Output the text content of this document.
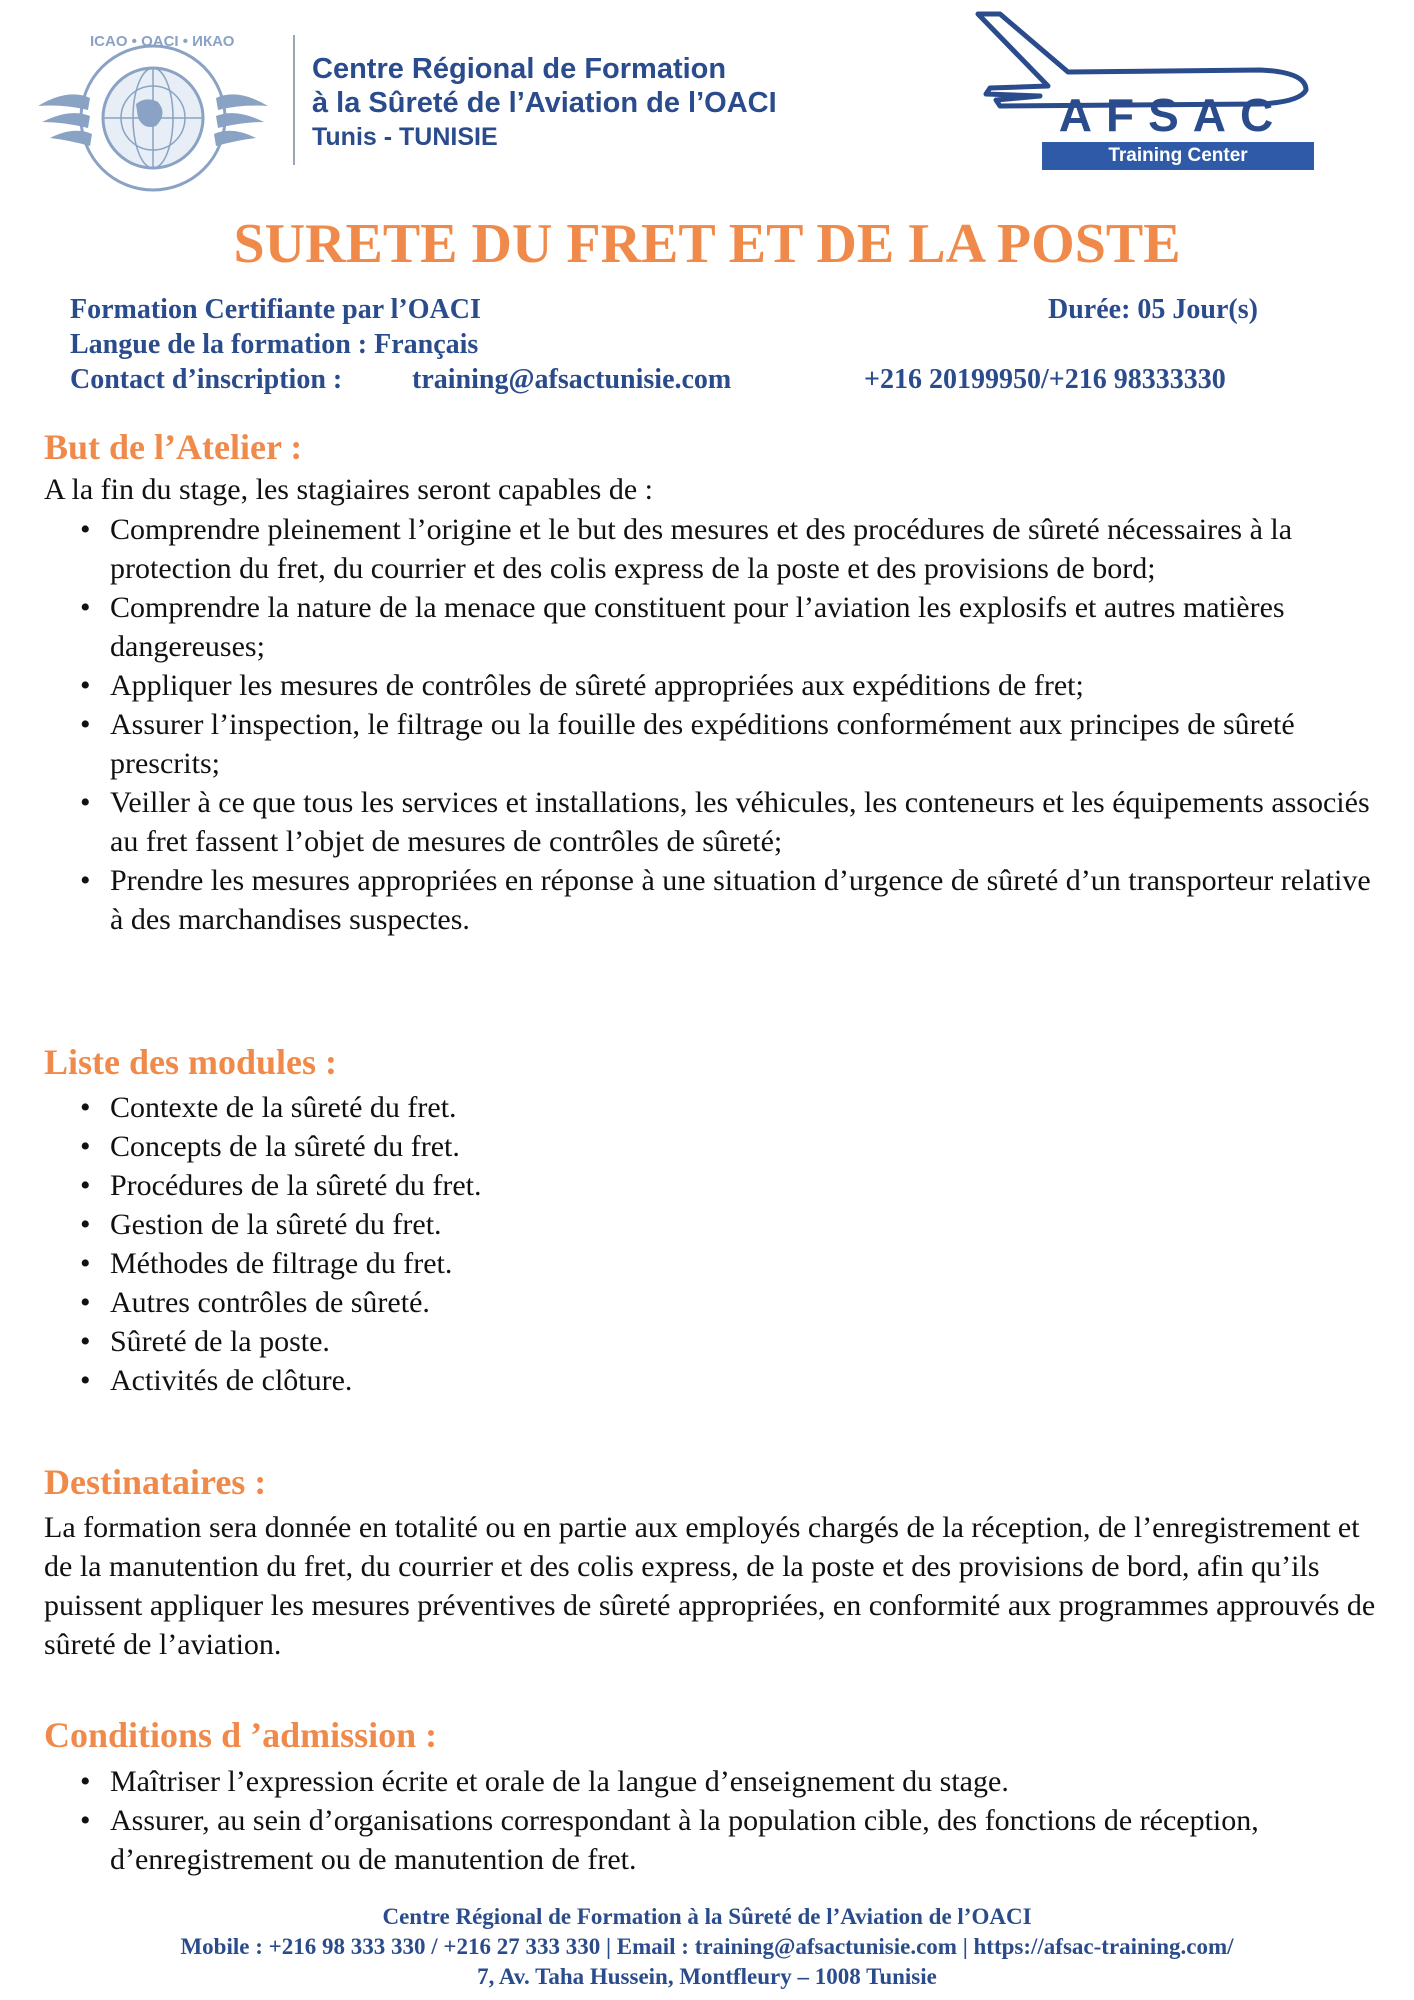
ICAO • OACI • ИКАО
Centre Régional de Formation
à la Sûreté de l’Aviation de l’OACI
Tunis - TUNISIE	AFSAC
Training Center
SURETE DU FRET ET DE LA POSTE
Formation Certifiante par l’OACI	Durée: 05 Jour(s)
Langue de la formation : Français
Contact d’inscription : training@afsactunisie.com	+216 20199950/+216 98333330
But de l’Atelier :
A la fin du stage, les stagiaires seront capables de :
• Comprendre pleinement l’origine et le but des mesures et des procédures de sûreté nécessaires à la protection du fret, du courrier et des colis express de la poste et des provisions de bord;
• Comprendre la nature de la menace que constituent pour l’aviation les explosifs et autres matières dangereuses;
• Appliquer les mesures de contrôles de sûreté appropriées aux expéditions de fret;
• Assurer l’inspection, le filtrage ou la fouille des expéditions conformément aux principes de sûreté prescrits;
• Veiller à ce que tous les services et installations, les véhicules, les conteneurs et les équipements associés au fret fassent l’objet de mesures de contrôles de sûreté;
• Prendre les mesures appropriées en réponse à une situation d’urgence de sûreté d’un transporteur relative à des marchandises suspectes.
Liste des modules :
• Contexte de la sûreté du fret.
• Concepts de la sûreté du fret.
• Procédures de la sûreté du fret.
• Gestion de la sûreté du fret.
• Méthodes de filtrage du fret.
• Autres contrôles de sûreté.
• Sûreté de la poste.
• Activités de clôture.
Destinataires :
La formation sera donnée en totalité ou en partie aux employés chargés de la réception, de l’enregistrement et de la manutention du fret, du courrier et des colis express, de la poste et des provisions de bord, afin qu’ils puissent appliquer les mesures préventives de sûreté appropriées, en conformité aux programmes approuvés de sûreté de l’aviation.
Conditions d ’admission :
• Maîtriser l’expression écrite et orale de la langue d’enseignement du stage.
• Assurer, au sein d’organisations correspondant à la population cible, des fonctions de réception, d’enregistrement ou de manutention de fret.
Centre Régional de Formation à la Sûreté de l’Aviation de l’OACI
Mobile : +216 98 333 330 / +216 27 333 330 | Email : training@afsactunisie.com | https://afsac-training.com/
7, Av. Taha Hussein, Montfleury – 1008 Tunisie
